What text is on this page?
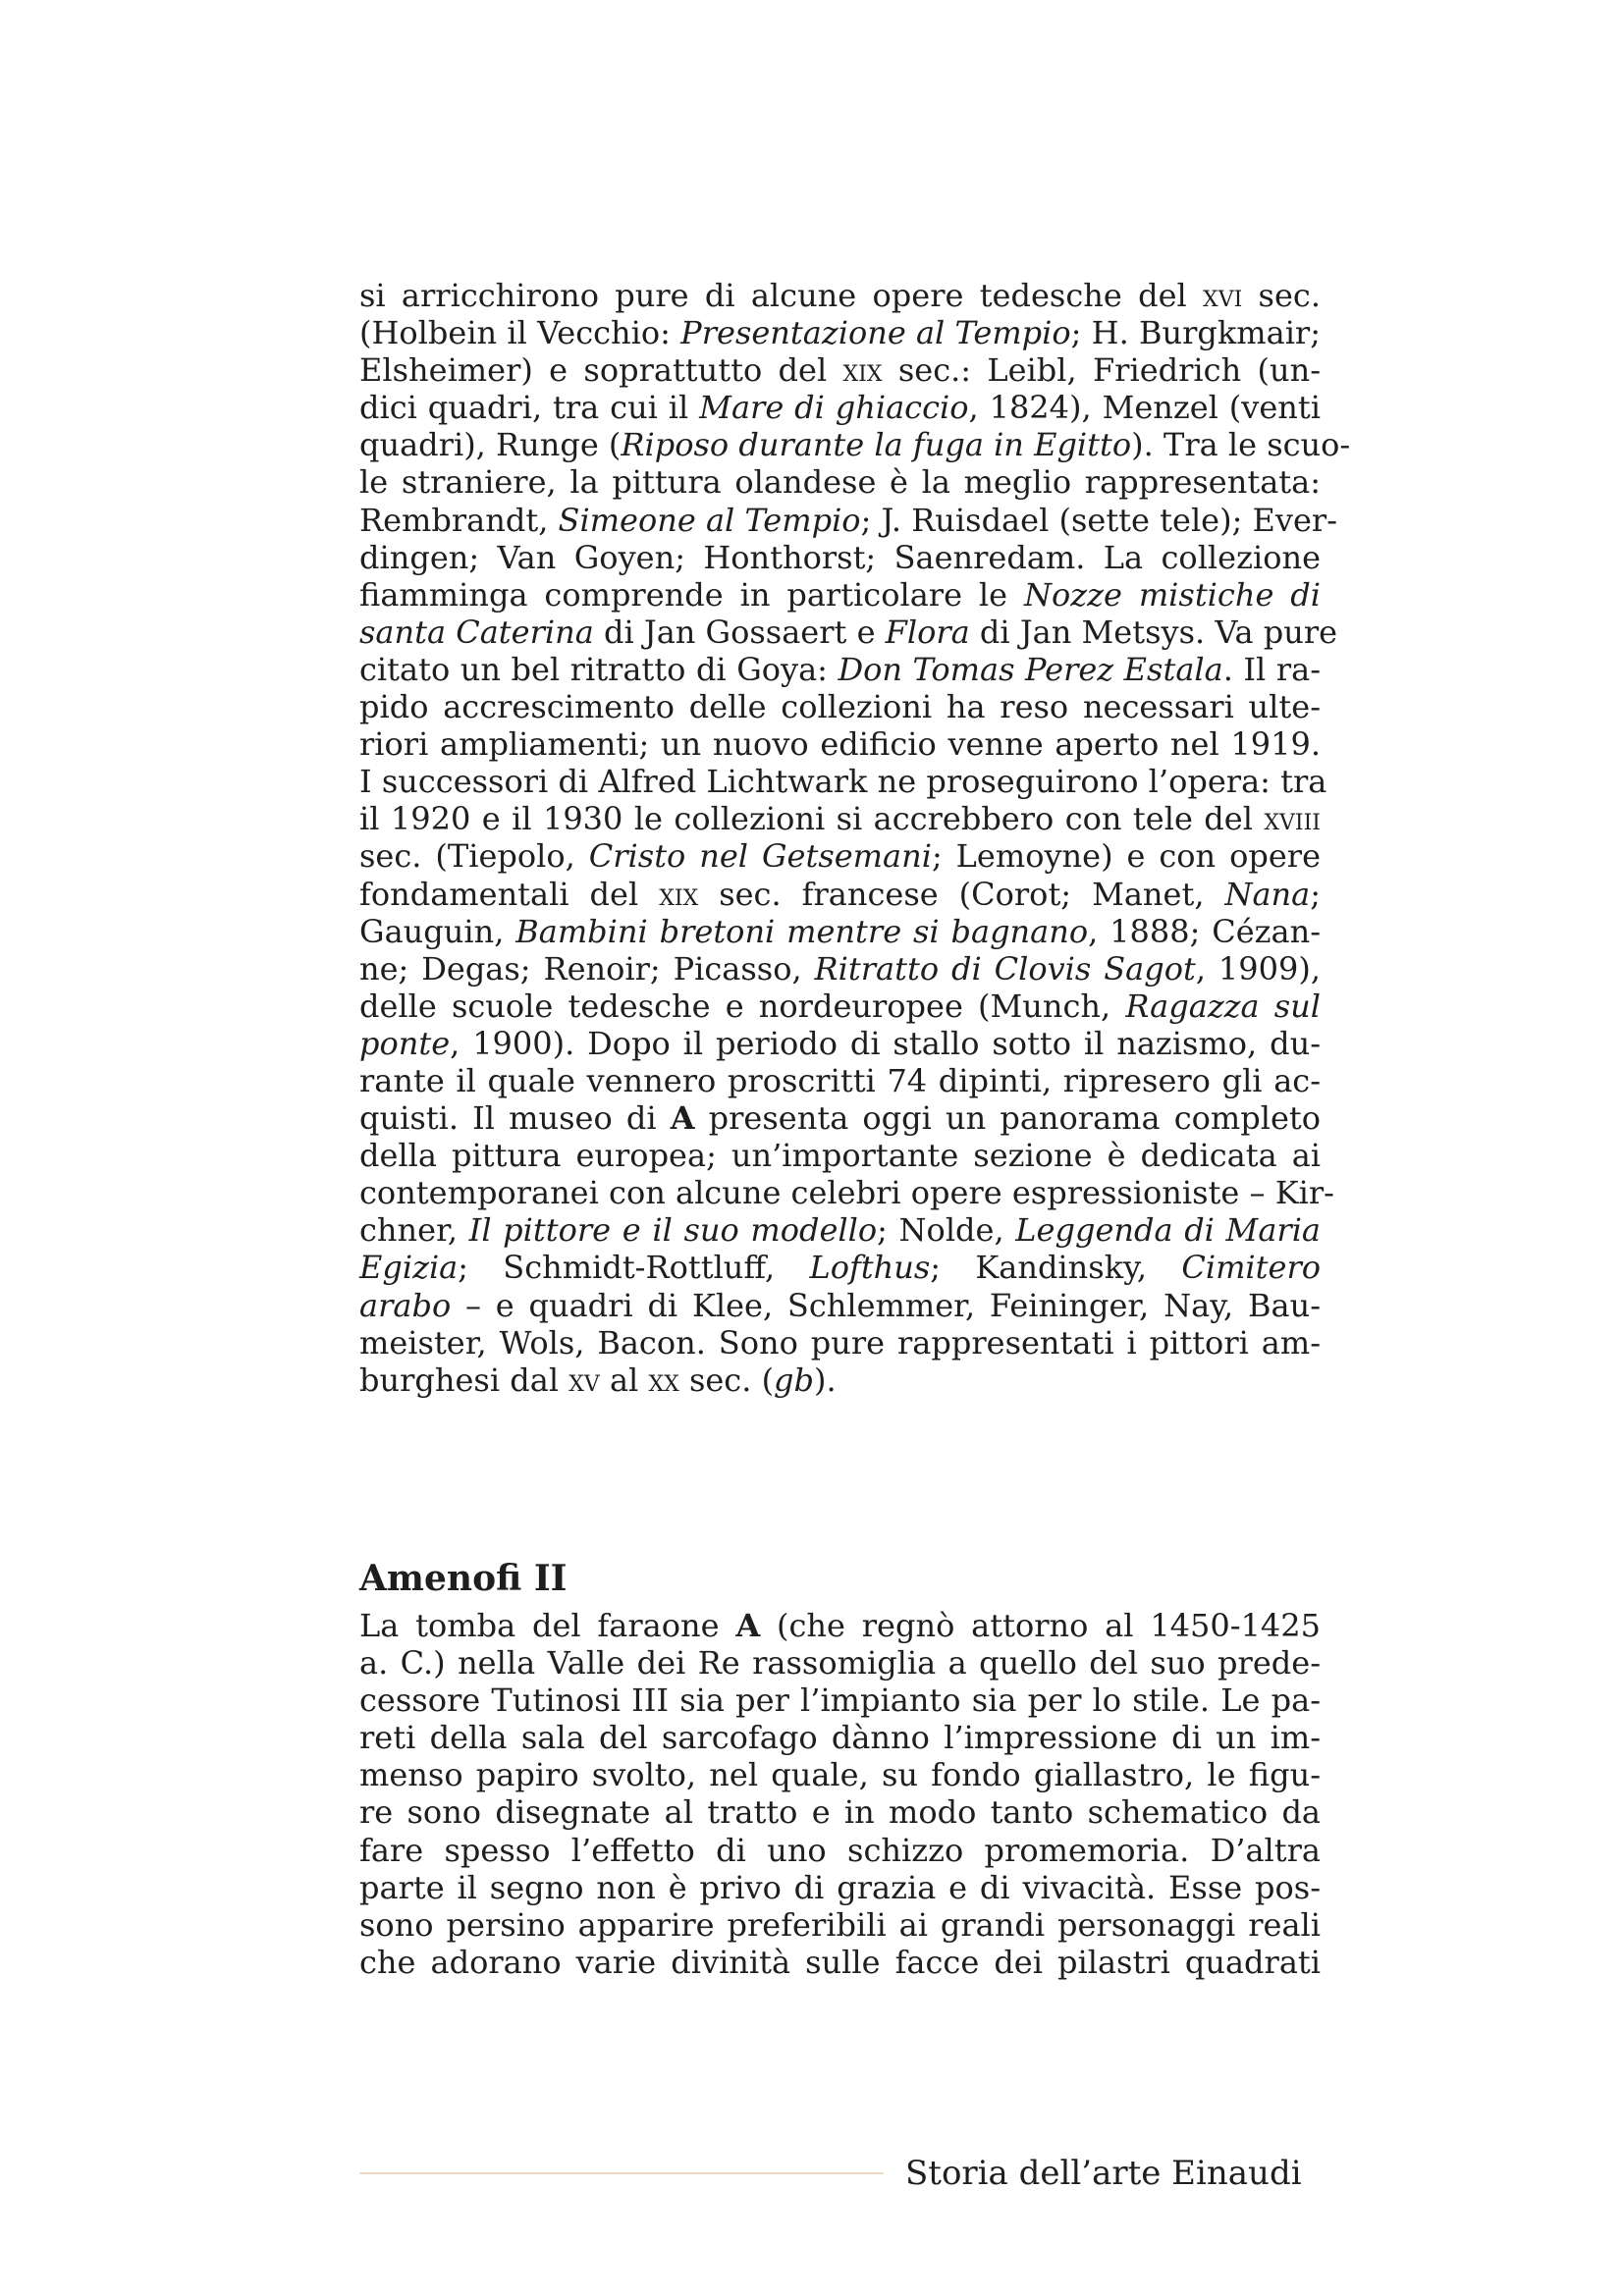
si arricchirono pure di alcune opere tedesche del xvi sec.
(Holbein il Vecchio: Presentazione al Tempio; H. Burgkmair;
Elsheimer) e soprattutto del xix sec.: Leibl, Friedrich (un-
dici quadri, tra cui il Mare di ghiaccio, 1824), Menzel (venti
quadri), Runge (Riposo durante la fuga in Egitto). Tra le scuo-
le straniere, la pittura olandese è la meglio rappresentata:
Rembrandt, Simeone al Tempio; J. Ruisdael (sette tele); Ever-
dingen; Van Goyen; Honthorst; Saenredam. La collezione
fiamminga comprende in particolare le Nozze mistiche di
santa Caterina di Jan Gossaert e Flora di Jan Metsys. Va pure
citato un bel ritratto di Goya: Don Tomas Perez Estala. Il ra-
pido accrescimento delle collezioni ha reso necessari ulte-
riori ampliamenti; un nuovo edificio venne aperto nel 1919.
I successori di Alfred Lichtwark ne proseguirono l’opera: tra
il 1920 e il 1930 le collezioni si accrebbero con tele del xviii
sec. (Tiepolo, Cristo nel Getsemani; Lemoyne) e con opere
fondamentali del xix sec. francese (Corot; Manet, Nana;
Gauguin, Bambini bretoni mentre si bagnano, 1888; Cézan-
ne; Degas; Renoir; Picasso, Ritratto di Clovis Sagot, 1909),
delle scuole tedesche e nordeuropee (Munch, Ragazza sul
ponte, 1900). Dopo il periodo di stallo sotto il nazismo, du-
rante il quale vennero proscritti 74 dipinti, ripresero gli ac-
quisti. Il museo di A presenta oggi un panorama completo
della pittura europea; un’importante sezione è dedicata ai
contemporanei con alcune celebri opere espressioniste – Kir-
chner, Il pittore e il suo modello; Nolde, Leggenda di Maria
Egizia; Schmidt-Rottluff, Lofthus; Kandinsky, Cimitero
arabo – e quadri di Klee, Schlemmer, Feininger, Nay, Bau-
meister, Wols, Bacon. Sono pure rappresentati i pittori am-
burghesi dal xv al xx sec. (gb).
Amenofi II
La tomba del faraone A (che regnò attorno al 1450-1425
a. C.) nella Valle dei Re rassomiglia a quello del suo prede-
cessore Tutinosi III sia per l’impianto sia per lo stile. Le pa-
reti della sala del sarcofago dànno l’impressione di un im-
menso papiro svolto, nel quale, su fondo giallastro, le figu-
re sono disegnate al tratto e in modo tanto schematico da
fare spesso l’effetto di uno schizzo promemoria. D’altra
parte il segno non è privo di grazia e di vivacità. Esse pos-
sono persino apparire preferibili ai grandi personaggi reali
che adorano varie divinità sulle facce dei pilastri quadrati
Storia dell’arte Einaudi
